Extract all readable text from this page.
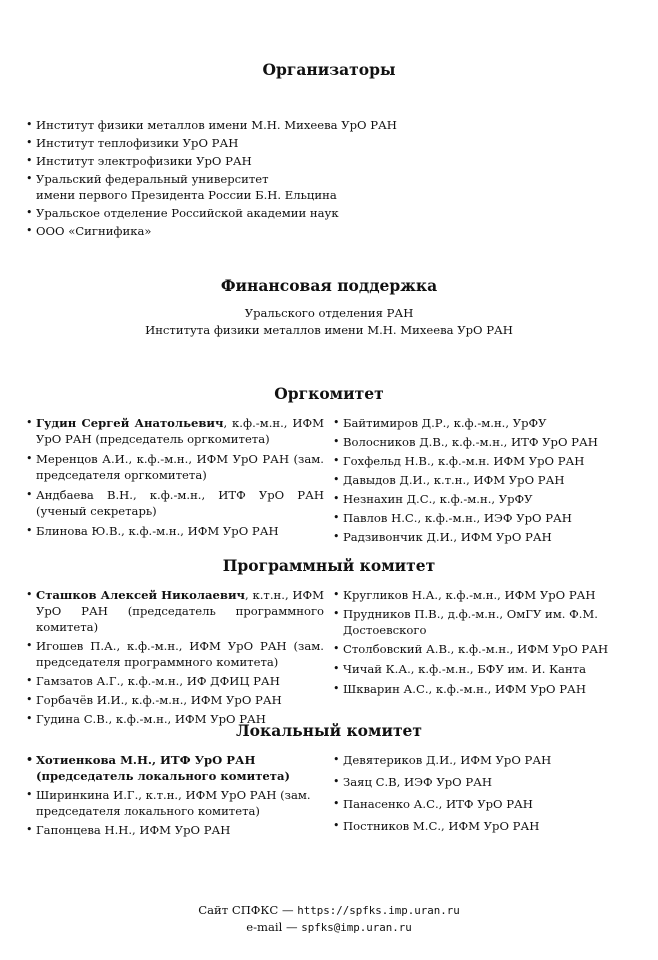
Организаторы
• Институт физики металлов имени М.Н. Михеева УрО РАН
• Институт теплофизики УрО РАН
• Институт электрофизики УрО РАН
• Уральский федеральный университет
имени первого Президента России Б.Н. Ельцина
• Уральское отделение Российской академии наук
• ООО «Сигнифика»
Финансовая поддержка
Уральского отделения РАН
Института физики металлов имени М.Н. Михеева УрО РАН
Оргкомитет
• Гудин Сергей Анатольевич, к.ф.-м.н., ИФМ УрО РАН (председатель оргкомитета)
• Меренцов А.И., к.ф.-м.н., ИФМ УрО РАН (зам. председателя оргкомитета)
• Андбаева В.Н., к.ф.-м.н., ИТФ УрО РАН (ученый секретарь)
• Блинова Ю.В., к.ф.-м.н., ИФМ УрО РАН
• Байтимиров Д.Р., к.ф.-м.н., УрФУ
• Волосников Д.В., к.ф.-м.н., ИТФ УрО РАН
• Гохфельд Н.В., к.ф.-м.н. ИФМ УрО РАН
• Давыдов Д.И., к.т.н., ИФМ УрО РАН
• Незнахин Д.С., к.ф.-м.н., УрФУ
• Павлов Н.С., к.ф.-м.н., ИЭФ УрО РАН
• Радзивончик Д.И., ИФМ УрО РАН
Программный комитет
• Сташков Алексей Николаевич, к.т.н., ИФМ УрО РАН (председатель программного комитета)
• Игошев П.А., к.ф.-м.н., ИФМ УрО РАН (зам. председателя программного комитета)
• Гамзатов А.Г., к.ф.-м.н., ИФ ДФИЦ РАН
• Горбачёв И.И., к.ф.-м.н., ИФМ УрО РАН
• Гудина С.В., к.ф.-м.н., ИФМ УрО РАН
• Кругликов Н.А., к.ф.-м.н., ИФМ УрО РАН
• Прудников П.В., д.ф.-м.н., ОмГУ им. Ф.М. Достоевского
• Столбовский А.В., к.ф.-м.н., ИФМ УрО РАН
• Чичай К.А., к.ф.-м.н., БФУ им. И. Канта
• Шкварин А.С., к.ф.-м.н., ИФМ УрО РАН
Локальный комитет
• Хотиенкова М.Н., ИТФ УрО РАН (председатель локального комитета)
• Ширинкина И.Г., к.т.н., ИФМ УрО РАН (зам. председателя локального комитета)
• Гапонцева Н.Н., ИФМ УрО РАН
• Девятериков Д.И., ИФМ УрО РАН
• Заяц С.В, ИЭФ УрО РАН
• Панасенко А.С., ИТФ УрО РАН
• Постников М.С., ИФМ УрО РАН
Сайт СПФКС — https://spfks.imp.uran.ru
e-mail — spfks@imp.uran.ru
